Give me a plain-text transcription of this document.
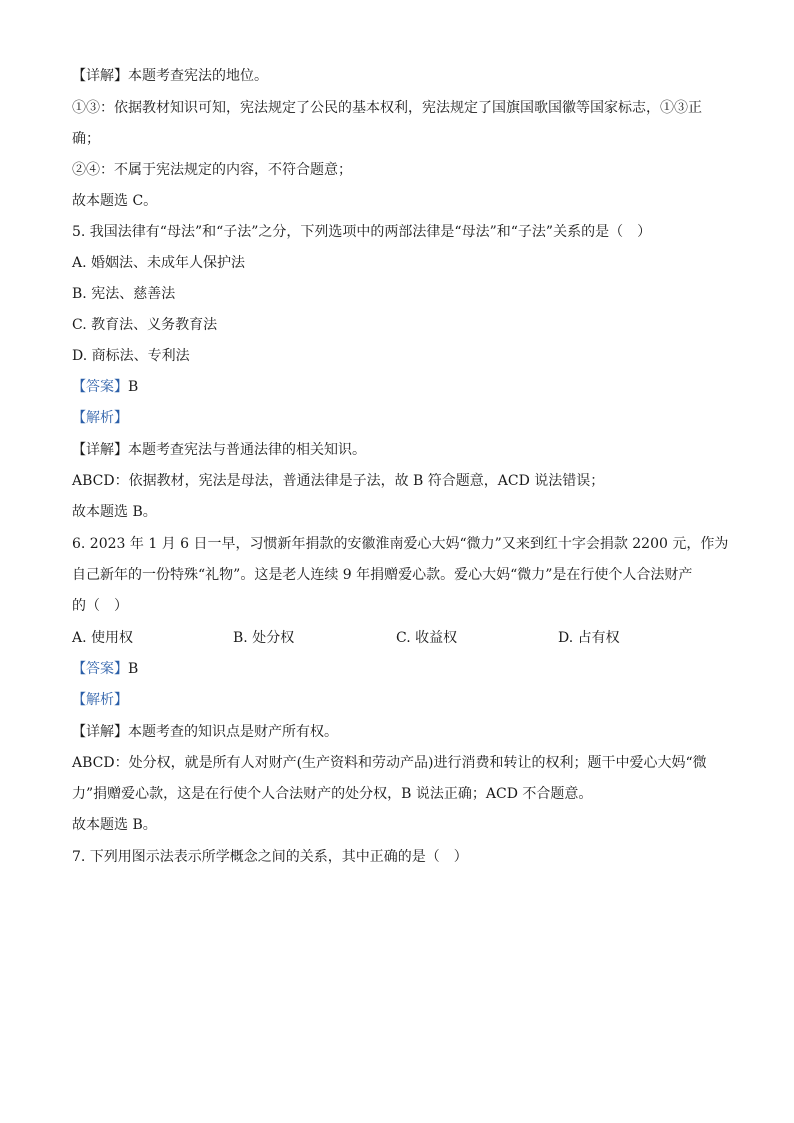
【详解】本题考查宪法的地位。
①③：依据教材知识可知，宪法规定了公民的基本权利，宪法规定了国旗国歌国徽等国家标志，①③正
确；
②④：不属于宪法规定的内容，不符合题意；
故本题选 C。
5. 我国法律有“母法”和“子法”之分，下列选项中的两部法律是“母法”和“子法”关系的是（　）
A. 婚姻法、未成年人保护法
B. 宪法、慈善法
C. 教育法、义务教育法
D. 商标法、专利法
【答案】B
【解析】
【详解】本题考查宪法与普通法律的相关知识。
ABCD：依据教材，宪法是母法，普通法律是子法，故 B 符合题意，ACD 说法错误；
故本题选 B。
6. 2023 年 1 月 6 日一早，习惯新年捐款的安徽淮南爱心大妈“微力”又来到红十字会捐款 2200 元，作为
自己新年的一份特殊“礼物”。这是老人连续 9 年捐赠爱心款。爱心大妈“微力”是在行使个人合法财产
的（　）
A. 使用权	B. 处分权	C. 收益权	D. 占有权
【答案】B
【解析】
【详解】本题考查的知识点是财产所有权。
ABCD：处分权，就是所有人对财产(生产资料和劳动产品)进行消费和转让的权利；题干中爱心大妈“微
力”捐赠爱心款，这是在行使个人合法财产的处分权，B 说法正确；ACD 不合题意。
故本题选 B。
7. 下列用图示法表示所学概念之间的关系，其中正确的是（　）
